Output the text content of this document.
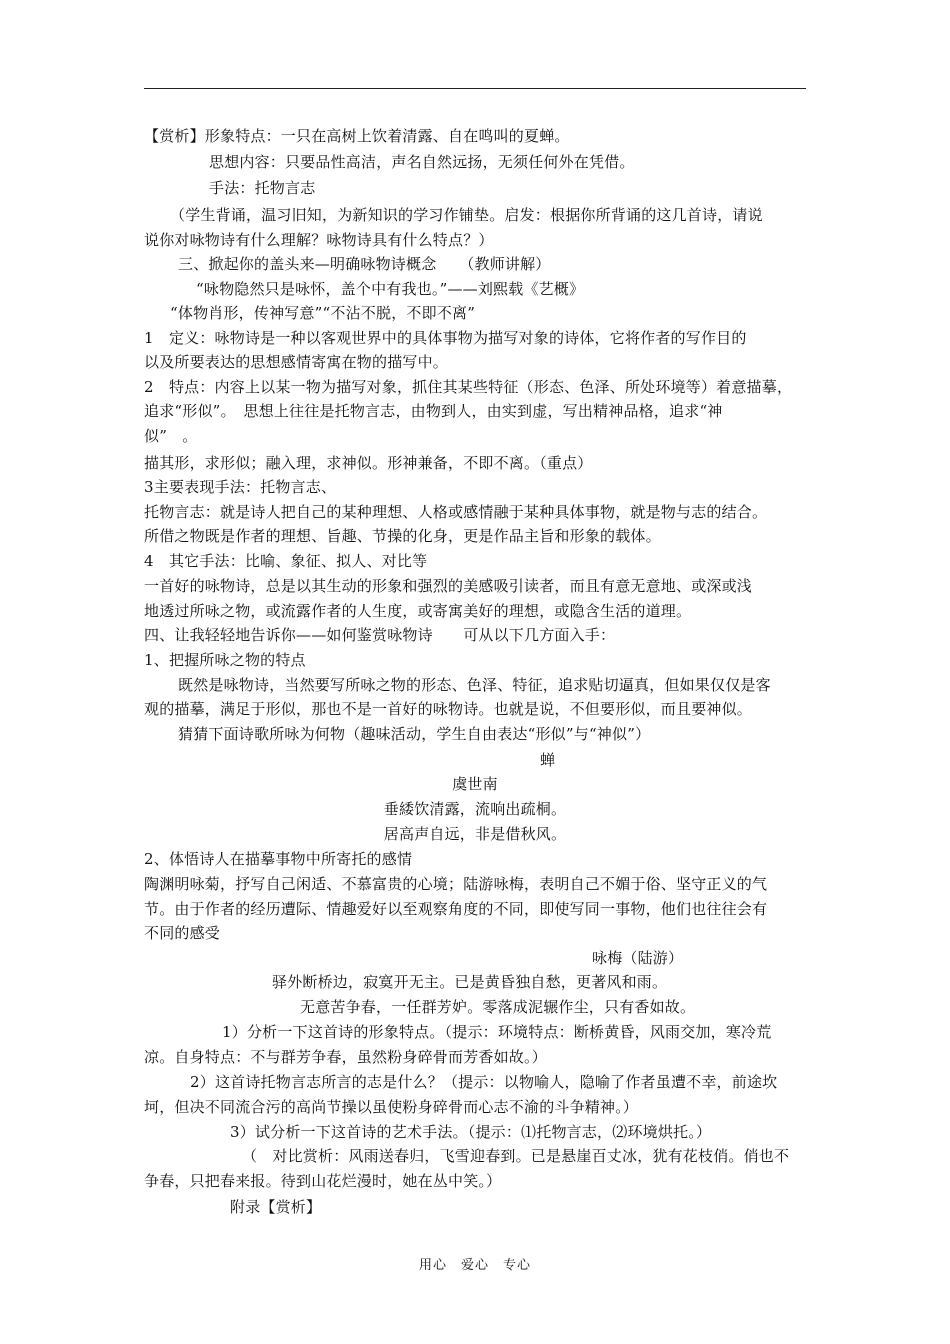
【赏析】形象特点：一只在高树上饮着清露、自在鸣叫的夏蝉。
思想内容：只要品性高洁，声名自然远扬，无须任何外在凭借。
手法：托物言志
（学生背诵，温习旧知，为新知识的学习作铺垫。启发：根据你所背诵的这几首诗，请说
说你对咏物诗有什么理解？咏物诗具有什么特点？）
三、掀起你的盖头来—明确咏物诗概念　　（教师讲解）
“咏物隐然只是咏怀，盖个中有我也。”——刘熙载《艺概》
“体物肖形，传神写意”“不沾不脱，不即不离”
1　定义：咏物诗是一种以客观世界中的具体事物为描写对象的诗体，它将作者的写作目的
以及所要表达的思想感情寄寓在物的描写中。
2　特点：内容上以某一物为描写对象，抓住其某些特征（形态、色泽、所处环境等）着意描摹，
追求“形似”。　思想上往往是托物言志，由物到人，由实到虚，写出精神品格，追求“神
似”　。
描其形，求形似；融入理，求神似。形神兼备，不即不离。（重点）
3主要表现手法：托物言志、
托物言志：就是诗人把自己的某种理想、人格或感情融于某种具体事物，就是物与志的结合。
所借之物既是作者的理想、旨趣、节操的化身，更是作品主旨和形象的载体。
4　其它手法：比喻、象征、拟人、对比等
一首好的咏物诗，总是以其生动的形象和强烈的美感吸引读者，而且有意无意地、或深或浅
地透过所咏之物，或流露作者的人生度，或寄寓美好的理想，或隐含生活的道理。
四、让我轻轻地告诉你——如何鉴赏咏物诗　　可从以下几方面入手：
1、把握所咏之物的特点
既然是咏物诗，当然要写所咏之物的形态、色泽、特征，追求贴切逼真，但如果仅仅是客
观的描摹，满足于形似，那也不是一首好的咏物诗。也就是说，不但要形似，而且要神似。
猜猜下面诗歌所咏为何物（趣味活动，学生自由表达“形似”与“神似”）
蝉
虞世南
垂緌饮清露，流响出疏桐。
居高声自远，非是借秋风。
2、体悟诗人在描摹事物中所寄托的感情
陶渊明咏菊，抒写自己闲适、不慕富贵的心境；陆游咏梅，表明自己不媚于俗、坚守正义的气
节。由于作者的经历遭际、情趣爱好以至观察角度的不同，即使写同一事物，他们也往往会有
不同的感受
咏梅（陆游）
驿外断桥边，寂寞开无主。已是黄昏独自愁，更著风和雨。
无意苦争春，一任群芳妒。零落成泥辗作尘，只有香如故。
1）分析一下这首诗的形象特点。（提示：环境特点：断桥黄昏，风雨交加，寒冷荒
凉。自身特点：不与群芳争春，虽然粉身碎骨而芳香如故。）
2）这首诗托物言志所言的志是什么？（提示：以物喻人，隐喻了作者虽遭不幸，前途坎
坷，但决不同流合污的高尚节操以虽使粉身碎骨而心志不渝的斗争精神。）
3）试分析一下这首诗的艺术手法。（提示：⑴托物言志，⑵环境烘托。）
（　对比赏析：风雨送春归，飞雪迎春到。已是悬崖百丈冰，犹有花枝俏。俏也不
争春，只把春来报。待到山花烂漫时，她在丛中笑。）
附录【赏析】
用心　爱心　专心
